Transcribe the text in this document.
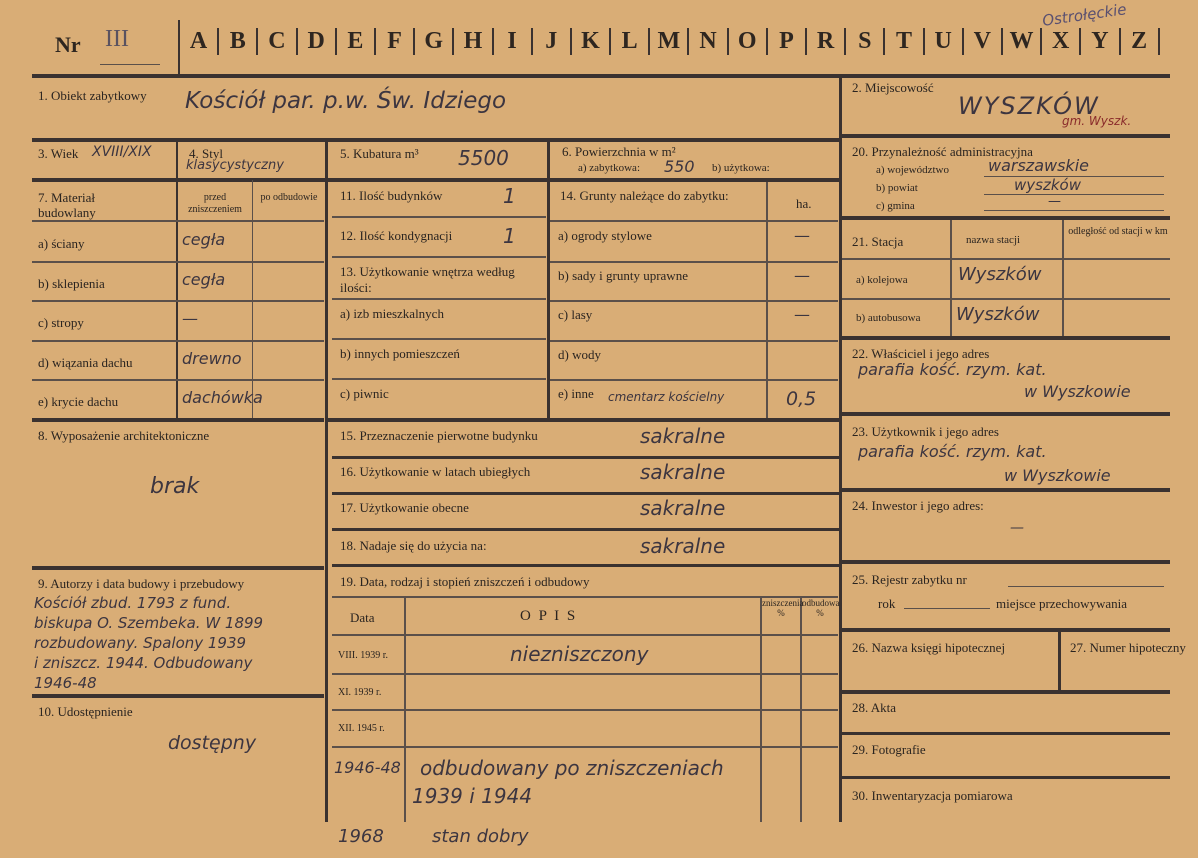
Nr III	A B C D E F G H I J K L M N O P R S T U V W X Y Z
Ostrołęckie
1. Obiekt zabytkowy Kościół par. p.w. Św. Idziego
2. Miejscowość
WYSZKÓW
gm. Wyszk.
3. Wiek XVIII/XIX	4. Styl
klasycystyczny
5. Kubatura m³ 5500	6. Powierzchnia w m²
a) zabytkowa: 550 b) użytkowa:
7. Materiał budowlany
przed zniszczeniem
po odbudowie
a) ściany	cegła
b) sklepienia	cegła
c) stropy	—
d) wiązania dachu	drewno
e) krycie dachu	dachówka
8. Wyposażenie architektoniczne
brak
9. Autorzy i data budowy i przebudowy
Kościół zbud. 1793 z fund.
biskupa O. Szembeka. W 1899
rozbudowany. Spalony 1939
i zniszcz. 1944. Odbudowany
1946-48
10. Udostępnienie
dostępny
11. Ilość budynków	1
12. Ilość kondygnacji	1
13. Użytkowanie wnętrza według ilości:
a) izb mieszkalnych
b) innych pomieszczeń
c) piwnic
14. Grunty należące do zabytku:
ha.
a) ogrody stylowe	—
b) sady i grunty uprawne	—
c) lasy	—
d) wody
e) inne cmentarz kościelny	0,5
15. Przeznaczenie pierwotne budynku	sakralne
16. Użytkowanie w latach ubiegłych	sakralne
17. Użytkowanie obecne	sakralne
18. Nadaje się do użycia na:	sakralne
19. Data, rodzaj i stopień zniszczeń i odbudowy
Data	O P I S
zniszczenia %
odbudowa %
VIII. 1939 r.	niezniszczony
XI. 1939 r.
XII. 1945 r.
1946-48 odbudowany po zniszczeniach
1939 i 1944
20. Przynależność administracyjna
a) województwo warszawskie
b) powiat	wyszków
c) gmina	—
21. Stacja	nazwa stacji
odległość od stacji w km
a) kolejowa	Wyszków
b) autobusowa Wyszków
22. Właściciel i jego adres
parafia kość. rzym. kat.
w Wyszkowie
23. Użytkownik i jego adres
parafia kość. rzym. kat.
w Wyszkowie
24. Inwestor i jego adres:
—
25. Rejestr zabytku nr
rok	miejsce przechowywania
26. Nazwa księgi hipotecznej	27. Numer hipoteczny
28. Akta
29. Fotografie
30. Inwentaryzacja pomiarowa
1968	stan dobry
